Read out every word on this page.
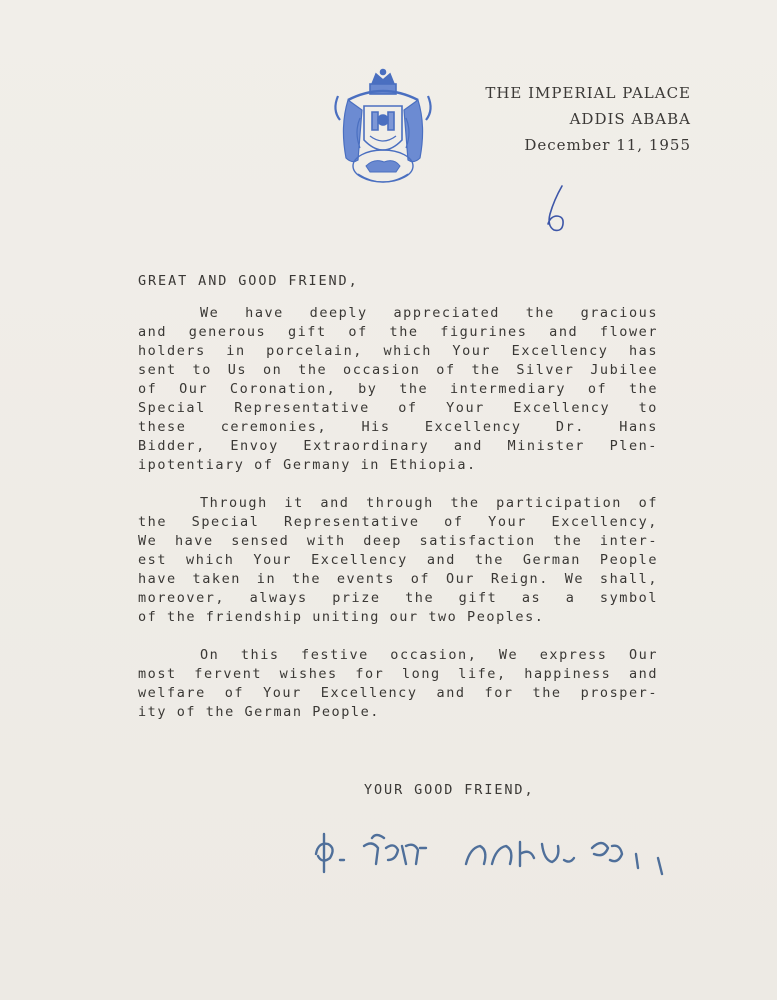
THE IMPERIAL PALACE
ADDIS ABABA
December 11, 1955
6
GREAT AND GOOD FRIEND,
We have deeply appreciated the gracious
and generous gift of the figurines and flower
holders in porcelain, which Your Excellency has
sent to Us on the occasion of the Silver Jubilee
of Our Coronation, by the intermediary of the
Special Representative of Your Excellency to
these ceremonies, His Excellency Dr. Hans
Bidder, Envoy Extraordinary and Minister Plen-
ipotentiary of Germany in Ethiopia.
Through it and through the participation of
the Special Representative of Your Excellency,
We have sensed with deep satisfaction the inter-
est which Your Excellency and the German People
have taken in the events of Our Reign. We shall,
moreover, always prize the gift as a symbol
of the friendship uniting our two Peoples.
On this festive occasion, We express Our
most fervent wishes for long life, happiness and
welfare of Your Excellency and for the prosper-
ity of the German People.
YOUR GOOD FRIEND,
